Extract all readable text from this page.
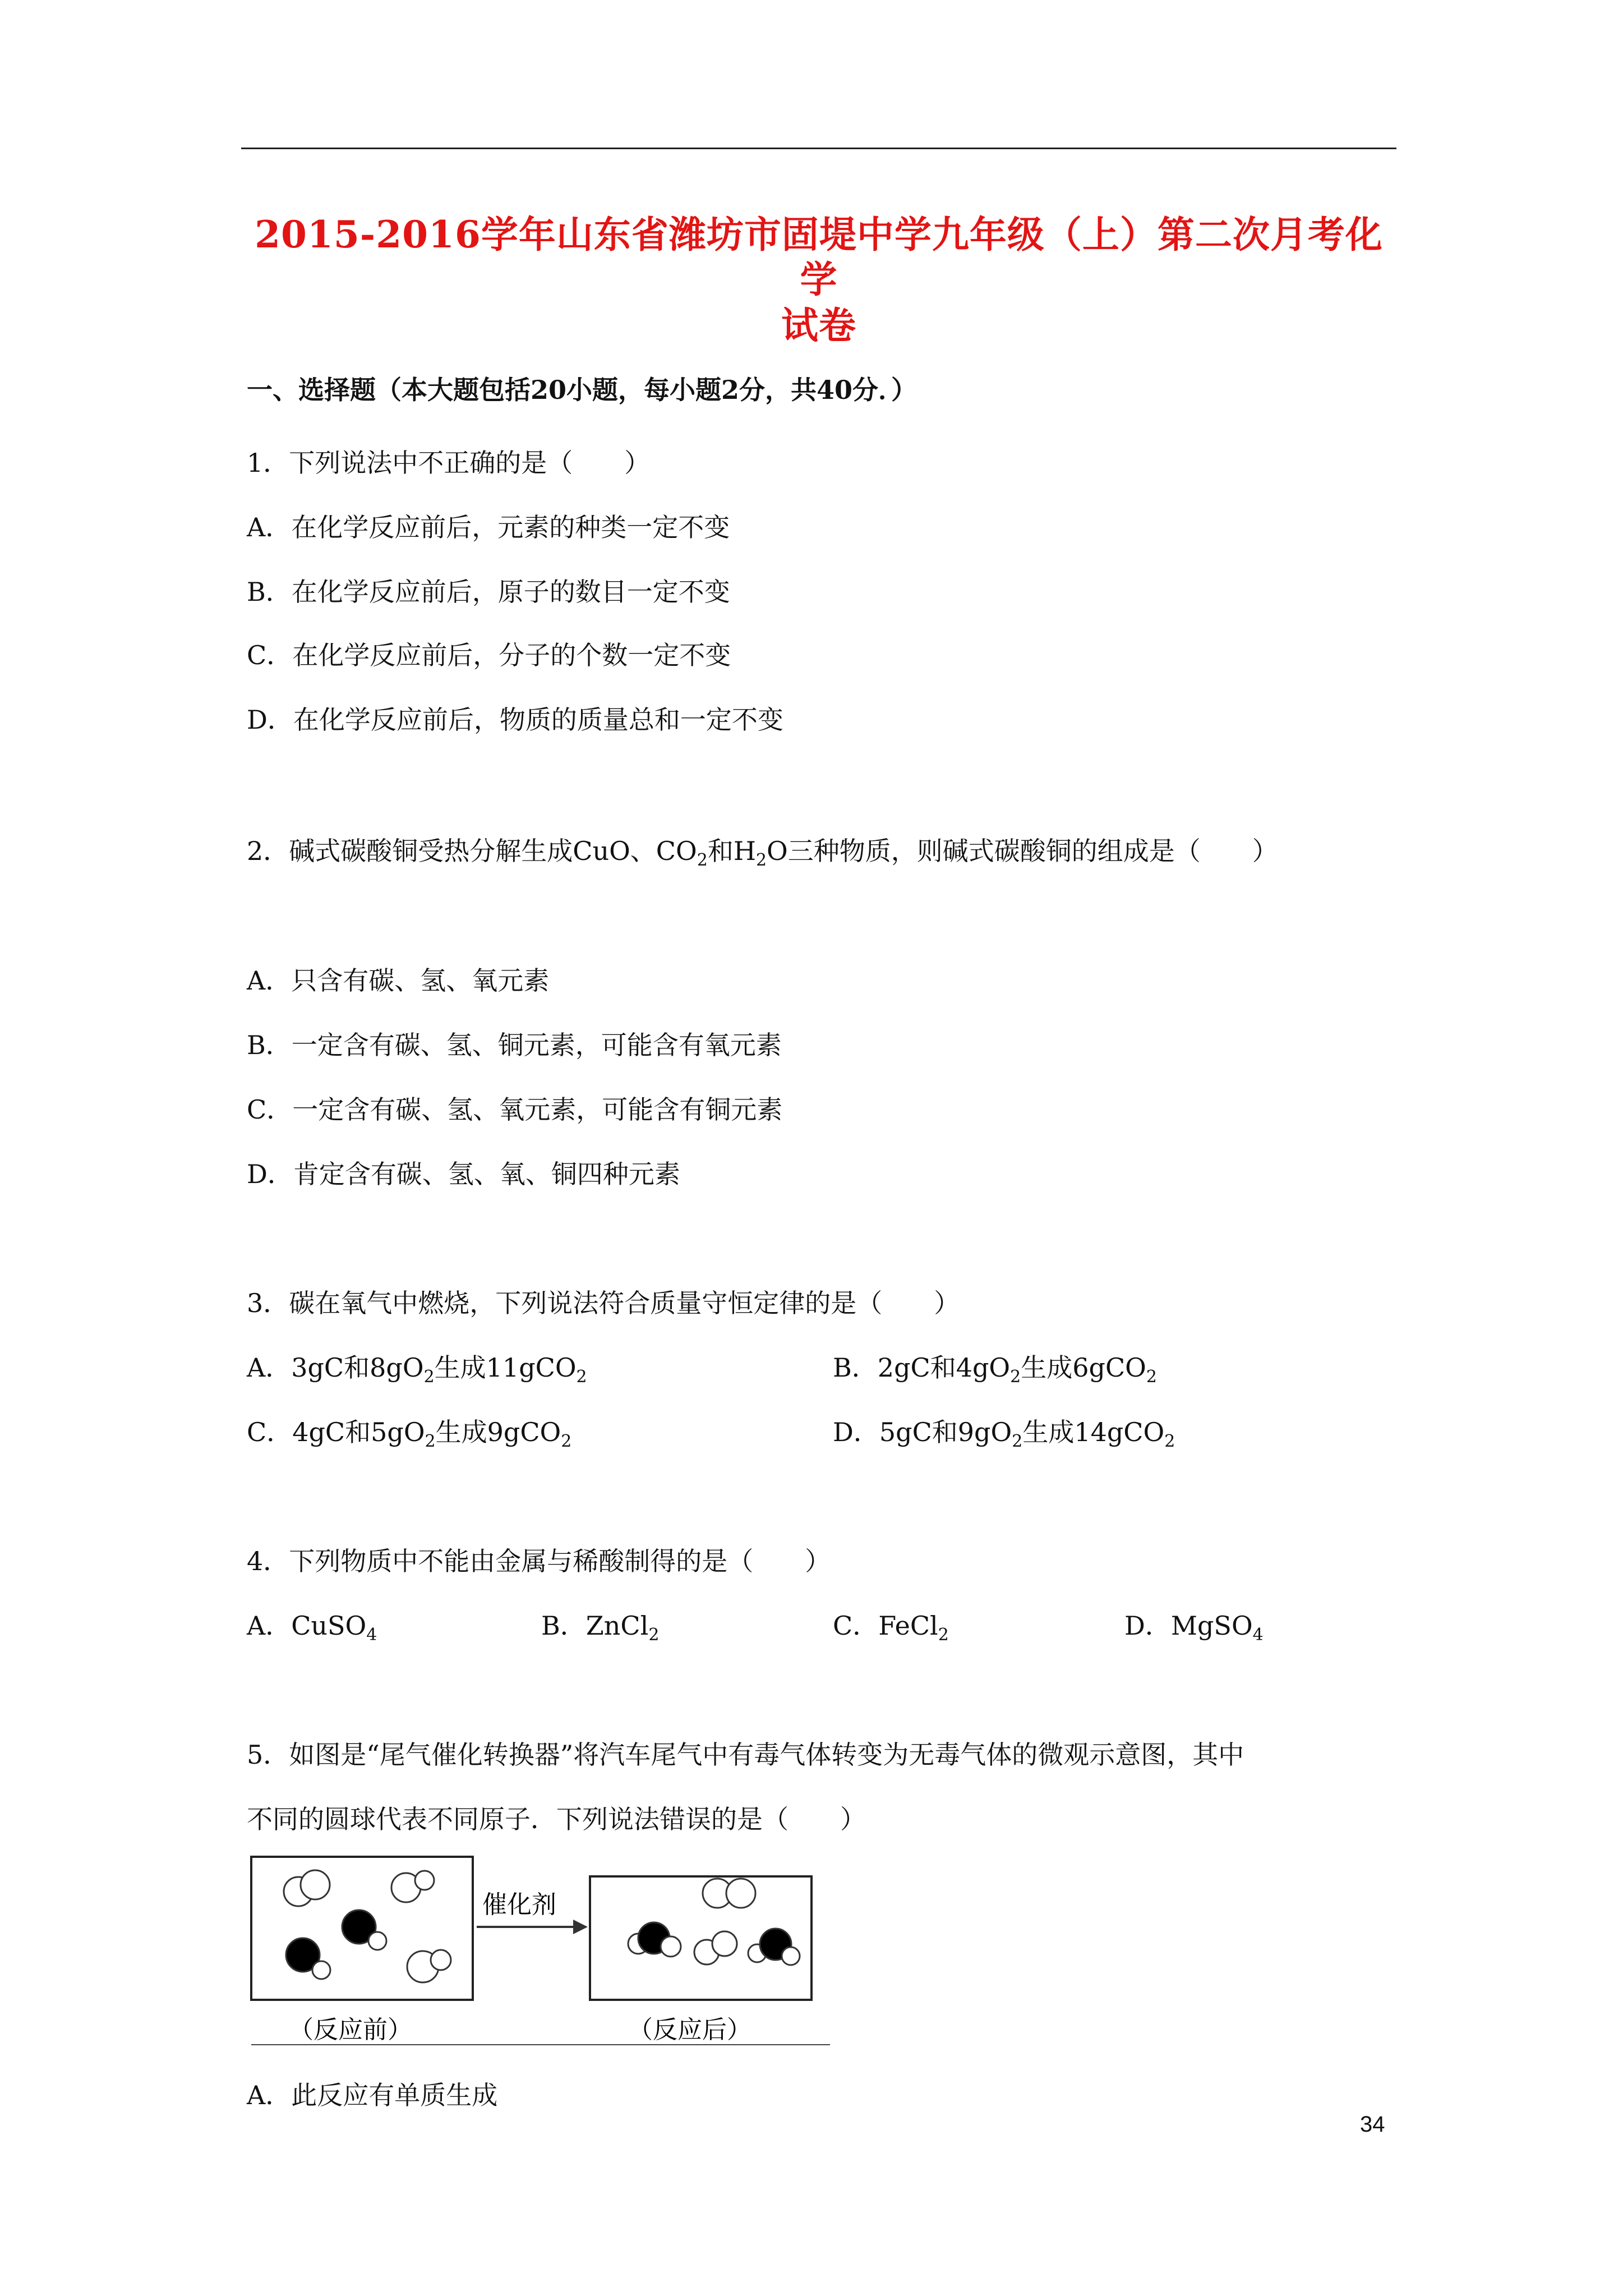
2015-2016学年山东省潍坊市固堤中学九年级（上）第二次月考化学
试卷
一、选择题（本大题包括20小题，每小题2分，共40分．）
1．下列说法中不正确的是（　　）
A．在化学反应前后，元素的种类一定不变
B．在化学反应前后，原子的数目一定不变
C．在化学反应前后，分子的个数一定不变
D．在化学反应前后，物质的质量总和一定不变
2．碱式碳酸铜受热分解生成CuO、$CO_2$和$H_2O$三种物质，则碱式碳酸铜的组成是（　　）
A．只含有碳、氢、氧元素
B．一定含有碳、氢、铜元素，可能含有氧元素
C．一定含有碳、氢、氧元素，可能含有铜元素
D．肯定含有碳、氢、氧、铜四种元素
3．碳在氧气中燃烧，下列说法符合质量守恒定律的是（　　）
A．3gC和$8gO_2$生成11gCO$_2$	B．2gC和$4gO_2$生成6gCO$_2$
C．4gC和$5gO_2$生成9gCO$_2$	D．5gC和$9gO_2$生成14gCO$_2$
4．下列物质中不能由金属与稀酸制得的是（　　）
A．CuSO$_4$	B．ZnCl$_2$	C．FeCl$_2$	D．MgSO$_4$
5．如图是“尾气催化转换器”将汽车尾气中有毒气体转变为无毒气体的微观示意图，其中
不同的圆球代表不同原子．下列说法错误的是（　　）
（反应前）
催化剂
（反应后）
A．此反应有单质生成
34
